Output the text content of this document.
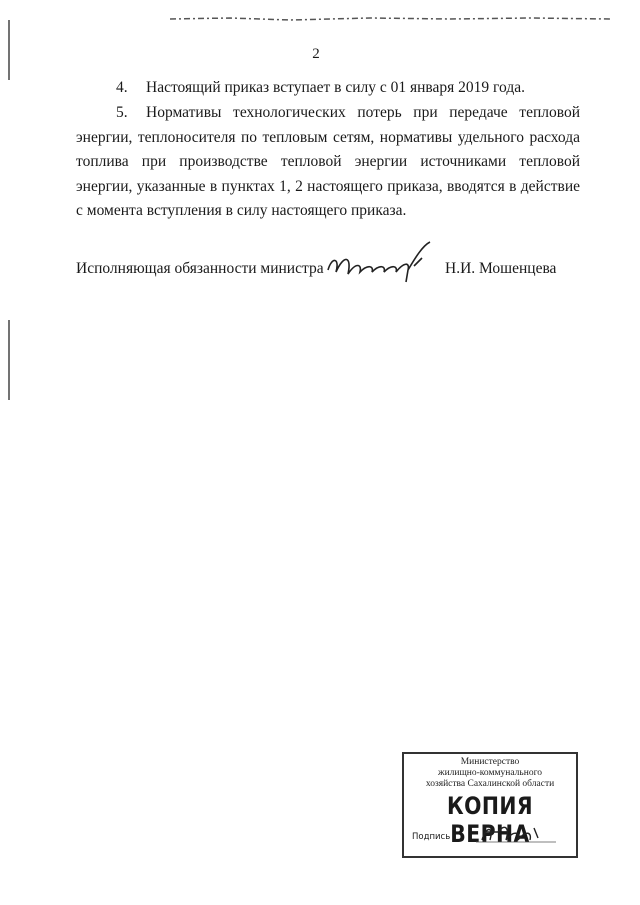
2
4. Настоящий приказ вступает в силу с 01 января 2019 года.
5. Нормативы технологических потерь при передаче тепловой энергии, теплоносителя по тепловым сетям, нормативы удельного расхода топлива при производстве тепловой энергии источниками тепловой энергии, указанные в пунктах 1, 2 настоящего приказа, вводятся в действие с момента вступления в силу настоящего приказа.
Исполняющая обязанности министра	Н.И. Мошенцева
Министерство
жилищно-коммунального
хозяйства Сахалинской области
КОПИЯ ВЕРНА
Подпись
